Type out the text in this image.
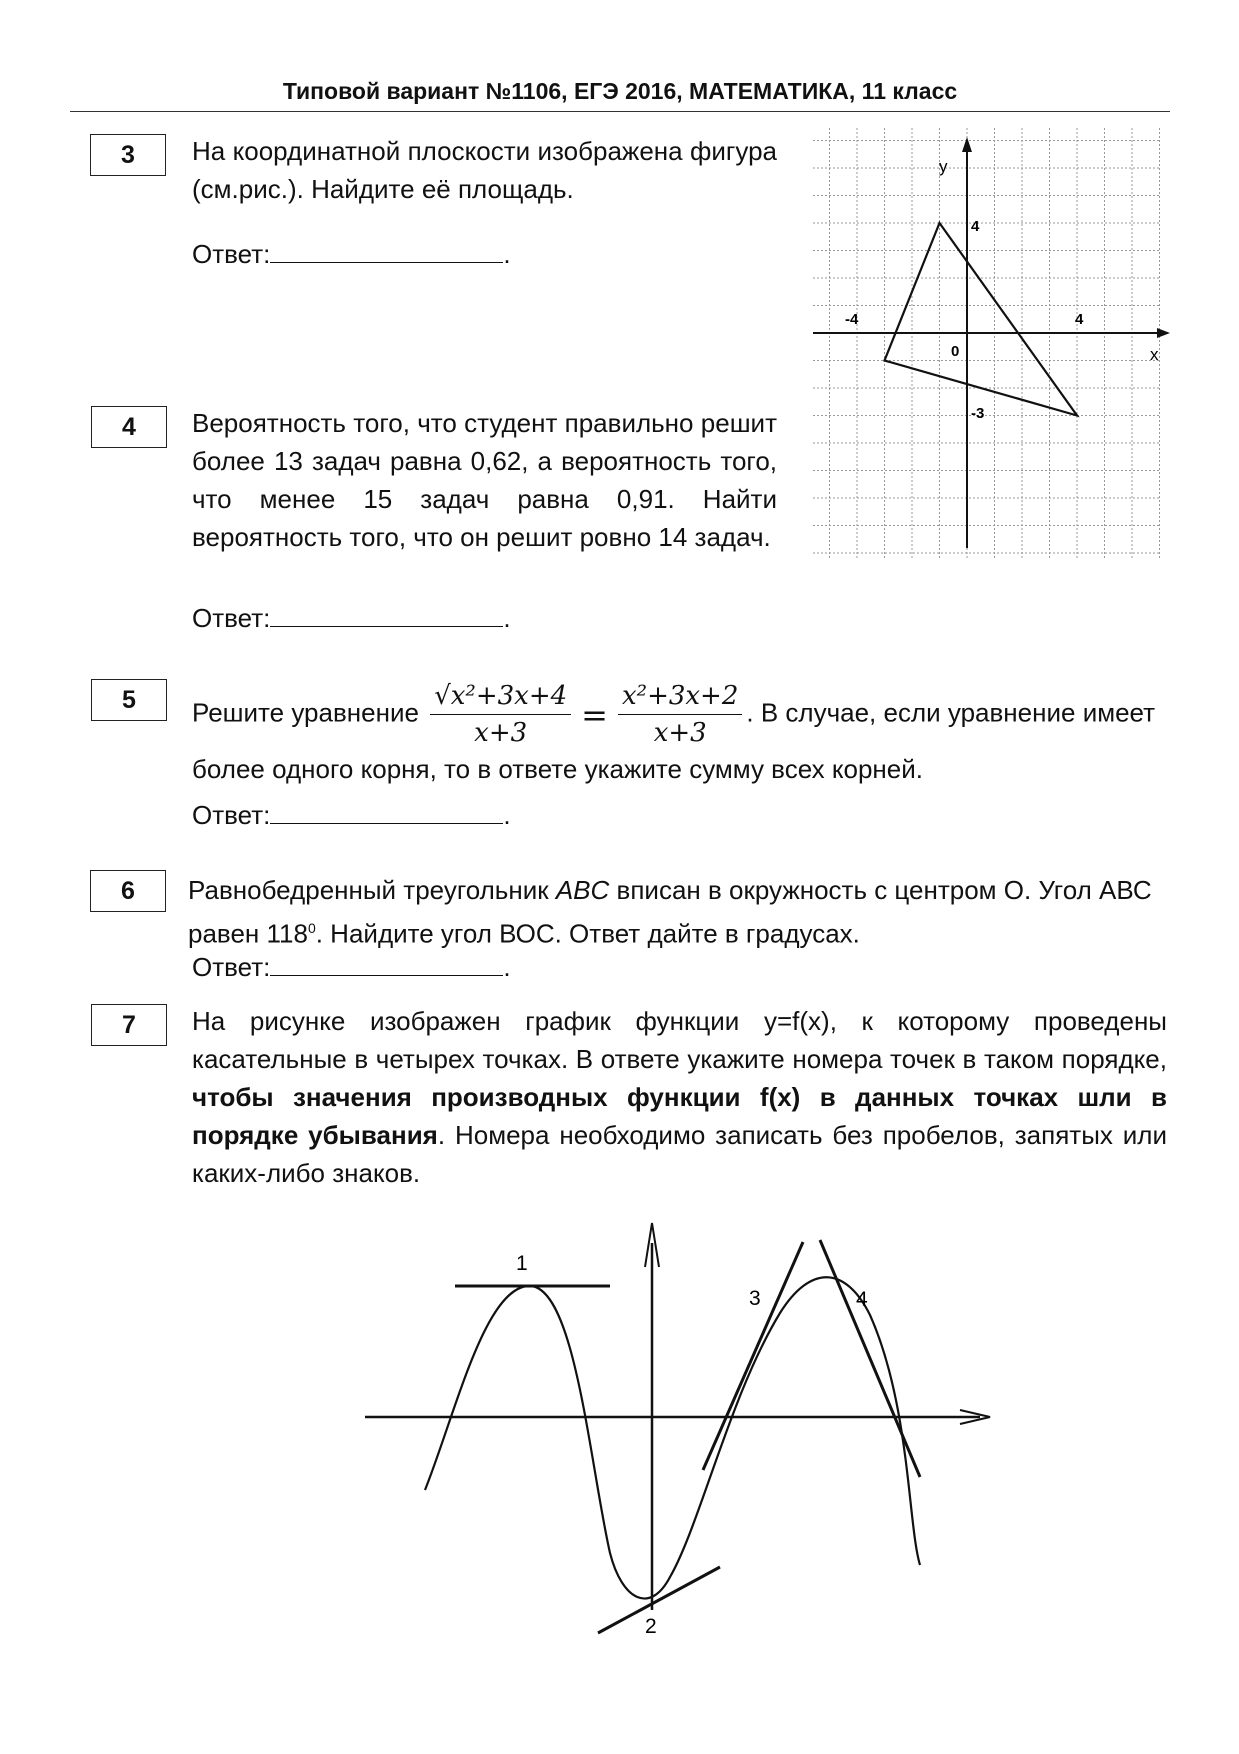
Типовой вариант №1106, ЕГЭ 2016, МАТЕМАТИКА, 11 класс
3	На координатной плоскости изображена фигура (см.рис.). Найдите её площадь.
Ответ:	.
y
x
0
4
-3
-4	4
4	Вероятность того, что студент правильно решит более 13 задач равна 0,62, а вероятность того, что менее 15 задач равна 0,91. Найти вероятность того, что он решит ровно 14 задач.
Ответ:	.
5	Решите уравнение $\frac{\text{√x²+3x+4}}{x+3} = \frac{\text{x²+3x+2}}{x+3}$ . В случае, если уравнение имеет более одного корня, то в ответе укажите сумму всех корней.
Ответ:	.
6	Равнобедренный треугольник ABC вписан в окружность с центром О. Угол АВС равен $118^0$. Найдите угол ВОС. Ответ дайте в градусах.
Ответ:	.
7	На рисунке изображен график функции y=f(x), к которому проведены касательные в четырех точках. В ответе укажите номера точек в таком порядке, чтобы значения производных функции f(x) в данных точках шли в порядке убывания. Номера необходимо записать без пробелов, запятых или каких-либо знаков.
1
2
3	4
